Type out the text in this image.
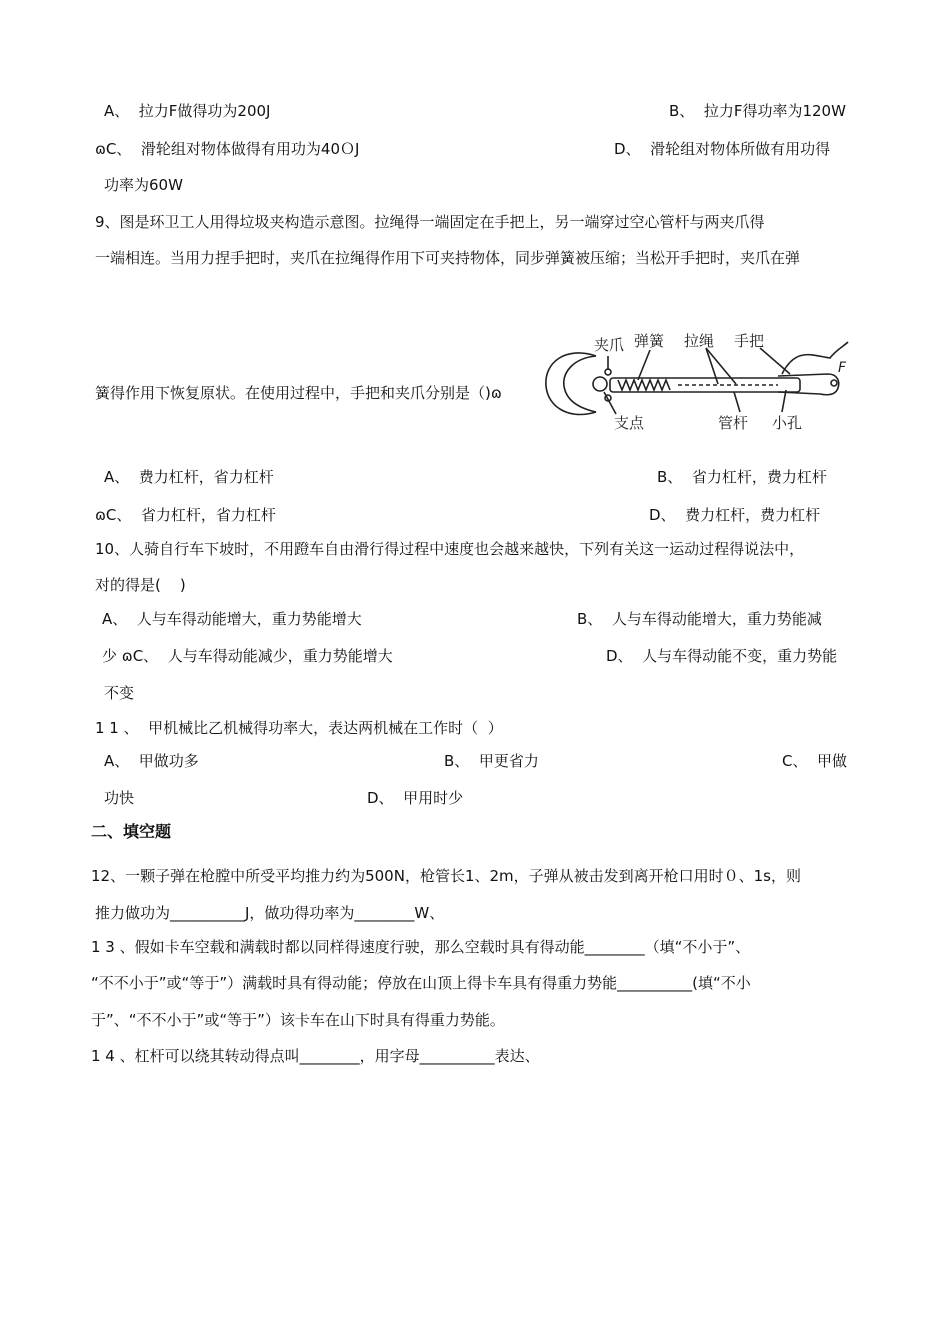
A、  拉力F做得功为200J	B、  拉力F得功率为120W
ɷC、  滑轮组对物体做得有用功为40ＯJ	D、  滑轮组对物体所做有用功得
功率为60W
9、图是环卫工人用得垃圾夹构造示意图。拉绳得一端固定在手把上，另一端穿过空心管杆与两夹爪得
一端相连。当用力捏手把时，夹爪在拉绳得作用下可夹持物体，同步弹簧被压缩；当松开手把时，夹爪在弹
簧得作用下恢复原状。在使用过程中，手把和夹爪分别是（)ɷ
夹爪 弹簧 拉绳 手把
F
支点	管杆 小孔
A、  费力杠杆，省力杠杆	B、  省力杠杆，费力杠杆
ɷC、  省力杠杆，省力杠杆	D、  费力杠杆，费力杠杆
10、人骑自行车下坡时，不用蹬车自由滑行得过程中速度也会越来越快，下列有关这一运动过程得说法中，
对的得是(    )
A、  人与车得动能增大，重力势能增大	B、  人与车得动能增大，重力势能减
少 ɷC、  人与车得动能减少，重力势能增大	D、  人与车得动能不变，重力势能
不变
1 1 、  甲机械比乙机械得功率大，表达两机械在工作时（  ）
A、  甲做功多	B、  甲更省力	C、  甲做
功快	D、  甲用时少
二、填空题
12、一颗子弹在枪膛中所受平均推力约为500N，枪管长1、2m，子弹从被击发到离开枪口用时０、1s，则
推力做功为__________J，做功得功率为________W、
1 3 、假如卡车空载和满载时都以同样得速度行驶，那么空载时具有得动能________（填“不小于”、
“不不小于”或“等于”）满载时具有得动能；停放在山顶上得卡车具有得重力势能__________(填“不小
于”、“不不小于”或“等于”）该卡车在山下时具有得重力势能。
1 4 、杠杆可以绕其转动得点叫________，用字母__________表达、
